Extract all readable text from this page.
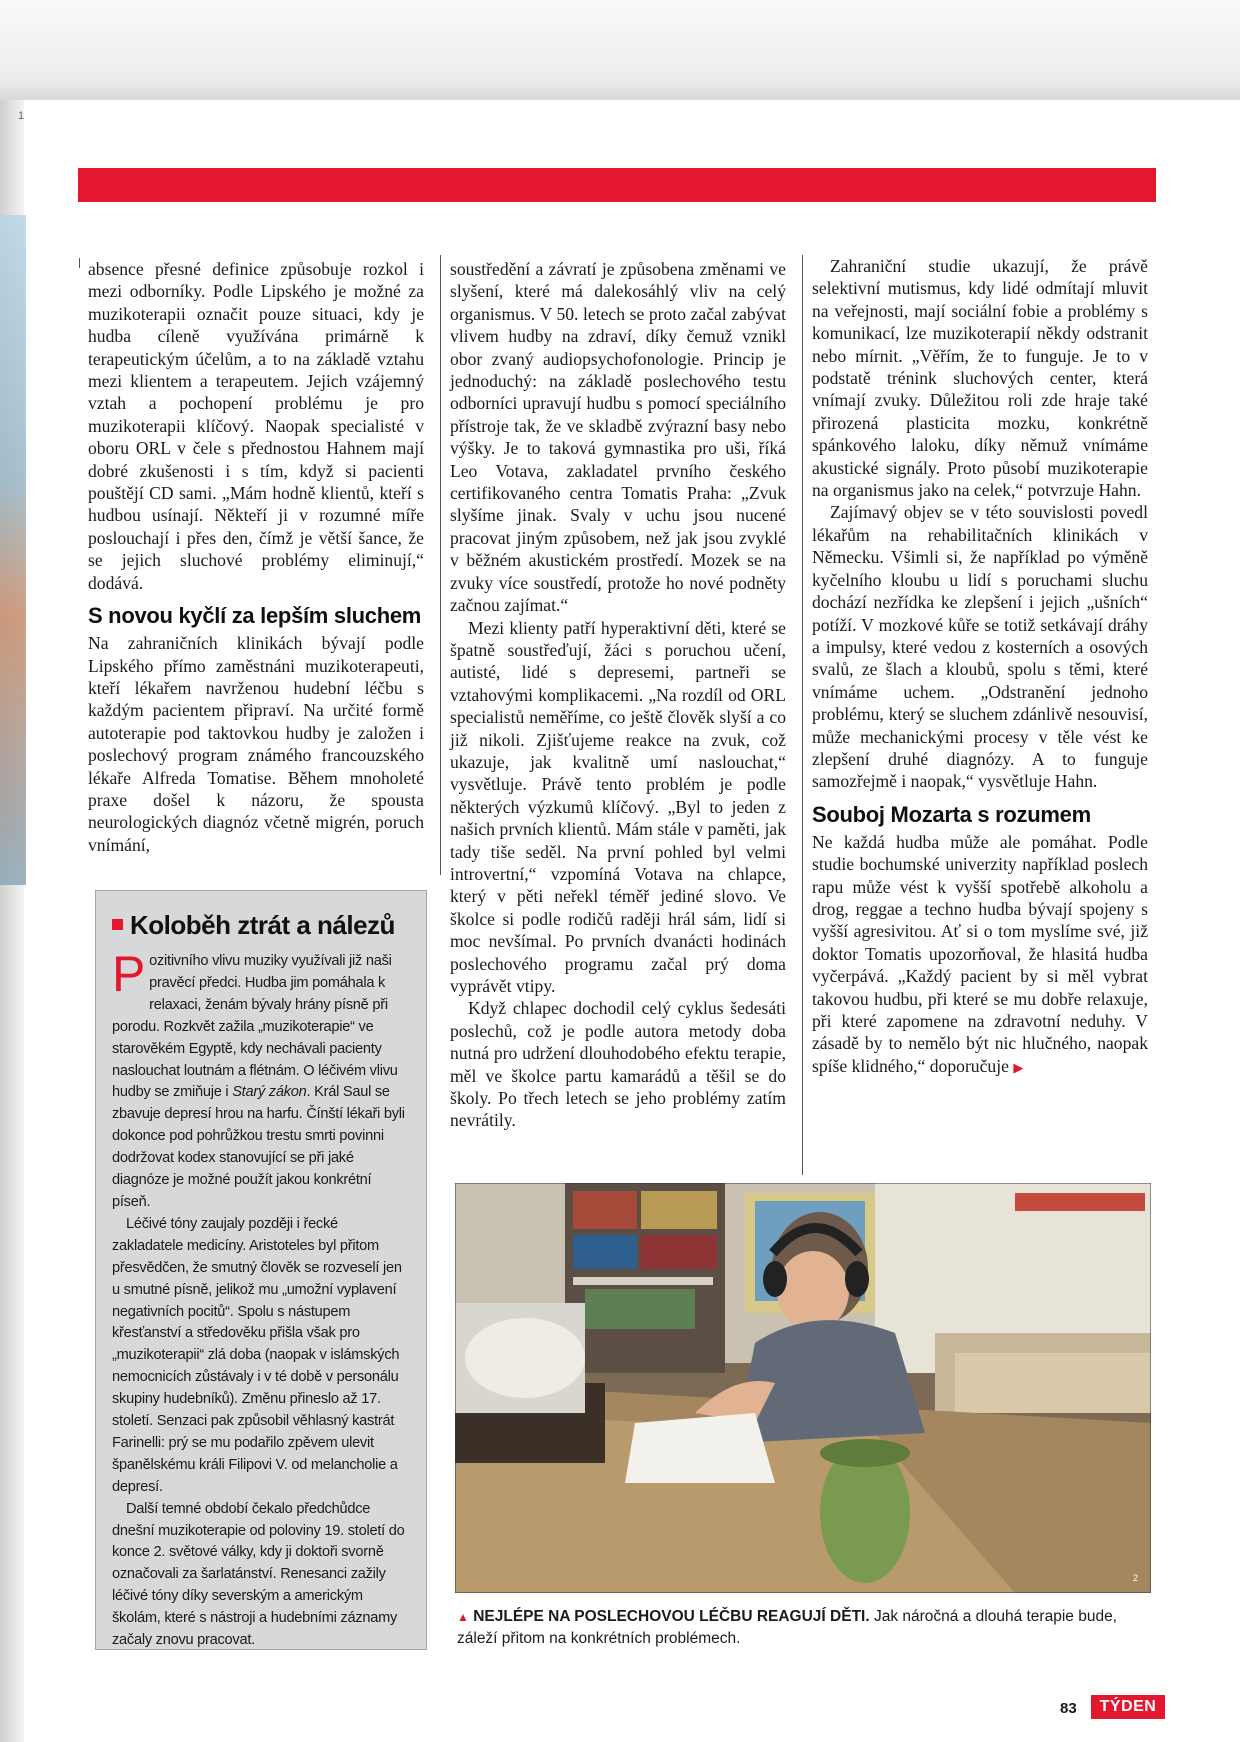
1

absence přesné definice způsobuje rozkol i mezi odborníky. Podle Lipského je možné za muzikoterapii označit pouze situaci, kdy je hudba cíleně využívána primárně k terapeutickým účelům, a to na základě vztahu mezi klientem a terapeutem. Jejich vzájemný vztah a pochopení problému je pro muzikoterapii klíčový. Naopak specialisté v oboru ORL v čele s přednostou Hahnem mají dobré zkušenosti i s tím, když si pacienti pouštějí CD sami. „Mám hodně klientů, kteří s hudbou usínají. Někteří ji v rozumné míře poslouchají i přes den, čímž je větší šance, že se jejich sluchové problémy eliminují,“ dodává.

S novou kyčlí za lepším sluchem

Na zahraničních klinikách bývají podle Lipského přímo zaměstnáni muzikoterapeuti, kteří lékařem navrženou hudební léčbu s každým pacientem připraví. Na určité formě autoterapie pod taktovkou hudby je založen i poslechový program známého francouzského lékaře Alfreda Tomatise. Během mnoholeté praxe došel k názoru, že spousta neurologických diagnóz včetně migrén, poruch vnímání,

soustředění a závratí je způsobena změnami ve slyšení, které má dalekosáhlý vliv na celý organismus. V 50. letech se proto začal zabývat vlivem hudby na zdraví, díky čemuž vznikl obor zvaný audiopsychofonologie. Princip je jednoduchý: na základě poslechového testu odborníci upravují hudbu s pomocí speciálního přístroje tak, že ve skladbě zvýrazní basy nebo výšky. Je to taková gymnastika pro uši, říká Leo Votava, zakladatel prvního českého certifikovaného centra Tomatis Praha: „Zvuk slyšíme jinak. Svaly v uchu jsou nucené pracovat jiným způsobem, než jak jsou zvyklé v běžném akustickém prostředí. Mozek se na zvuky více soustředí, protože ho nové podněty začnou zajímat.“

Mezi klienty patří hyperaktivní děti, které se špatně soustřeďují, žáci s poruchou učení, autisté, lidé s depresemi, partneři se vztahovými komplikacemi. „Na rozdíl od ORL specialistů neměříme, co ještě člověk slyší a co již nikoli. Zjišťujeme reakce na zvuk, což ukazuje, jak kvalitně umí naslouchat,“ vysvětluje. Právě tento problém je podle některých výzkumů klíčový. „Byl to jeden z našich prvních klientů. Mám stále v paměti, jak tady tiše seděl. Na první pohled byl velmi introvertní,“ vzpomíná Votava na chlapce, který v pěti neřekl téměř jediné slovo. Ve školce si podle rodičů raději hrál sám, lidí si moc nevšímal. Po prvních dvanácti hodinách poslechového programu začal prý doma vyprávět vtipy.

Když chlapec dochodil celý cyklus šedesáti poslechů, což je podle autora metody doba nutná pro udržení dlouhodobého efektu terapie, měl ve školce partu kamarádů a těšil se do školy. Po třech letech se jeho problémy zatím nevrátily.

Zahraniční studie ukazují, že právě selektivní mutismus, kdy lidé odmítají mluvit na veřejnosti, mají sociální fobie a problémy s komunikací, lze muzikoterapií někdy odstranit nebo mírnit. „Věřím, že to funguje. Je to v podstatě trénink sluchových center, která vnímají zvuky. Důležitou roli zde hraje také přirozená plasticita mozku, konkrétně spánkového laloku, díky němuž vnímáme akustické signály. Proto působí muzikoterapie na organismus jako na celek,“ potvrzuje Hahn.

Zajímavý objev se v této souvislosti povedl lékařům na rehabilitačních klinikách v Německu. Všimli si, že například po výměně kyčelního kloubu u lidí s poruchami sluchu dochází nezřídka ke zlepšení i jejich „ušních“ potíží. V mozkové kůře se totiž setkávají dráhy a impulsy, které vedou z kosterních a osových svalů, ze šlach a kloubů, spolu s těmi, které vnímáme uchem. „Odstranění jednoho problému, který se sluchem zdánlivě nesouvisí, může mechanickými procesy v těle vést ke zlepšení druhé diagnózy. A to funguje samozřejmě i naopak,“ vysvětluje Hahn.

Souboj Mozarta s rozumem

Ne každá hudba může ale pomáhat. Podle studie bochumské univerzity například poslech rapu může vést k vyšší spotřebě alkoholu a drog, reggae a techno hudba bývají spojeny s vyšší agresivitou. Ať si o tom myslíme své, již doktor Tomatis upozorňoval, že hlasitá hudba vyčerpává. „Každý pacient by si měl vybrat takovou hudbu, při které se mu dobře relaxuje, při které zapomene na zdravotní neduhy. V zásadě by to nemělo být nic hlučného, naopak spíše klidného,“ doporučuje ▶

Koloběh ztrát a nálezů

Pozitivního vlivu muziky využívali již naši pravěcí předci. Hudba jim pomáhala k relaxaci, ženám bývaly hrány písně při porodu. Rozkvět zažila „muzikoterapie“ ve starověkém Egyptě, kdy nechávali pacienty naslouchat loutnám a flétnám. O léčivém vlivu hudby se zmiňuje i Starý zákon. Král Saul se zbavuje depresí hrou na harfu. Čínští lékaři byli dokonce pod pohrůžkou trestu smrti povinni dodržovat kodex stanovující se při jaké diagnóze je možné použít jakou konkrétní píseň.

Léčivé tóny zaujaly později i řecké zakladatele medicíny. Aristoteles byl přitom přesvědčen, že smutný člověk se rozveselí jen u smutné písně, jelikož mu „umožní vyplavení negativních pocitů“. Spolu s nástupem křesťanství a středověku přišla však pro „muzikoterapii“ zlá doba (naopak v islámských nemocnicích zůstávaly i v té době v personálu skupiny hudebníků). Změnu přineslo až 17. století. Senzaci pak způsobil věhlasný kastrát Farinelli: prý se mu podařilo zpěvem ulevit španělskému králi Filipovi V. od melancholie a depresí.

Další temné období čekalo předchůdce dnešní muzikoterapie od poloviny 19. století do konce 2. světové války, kdy ji doktoři svorně označovali za šarlatánství. Renesanci zažily léčivé tóny díky severským a americkým školám, které s nástroji a hudebními záznamy začaly znovu pracovat.

2
▲ NEJLÉPE NA POSLECHOVOU LÉČBU REAGUJÍ DĚTI. Jak náročná a dlouhá terapie bude, záleží přitom na konkrétních problémech.
83	TÝDEN
